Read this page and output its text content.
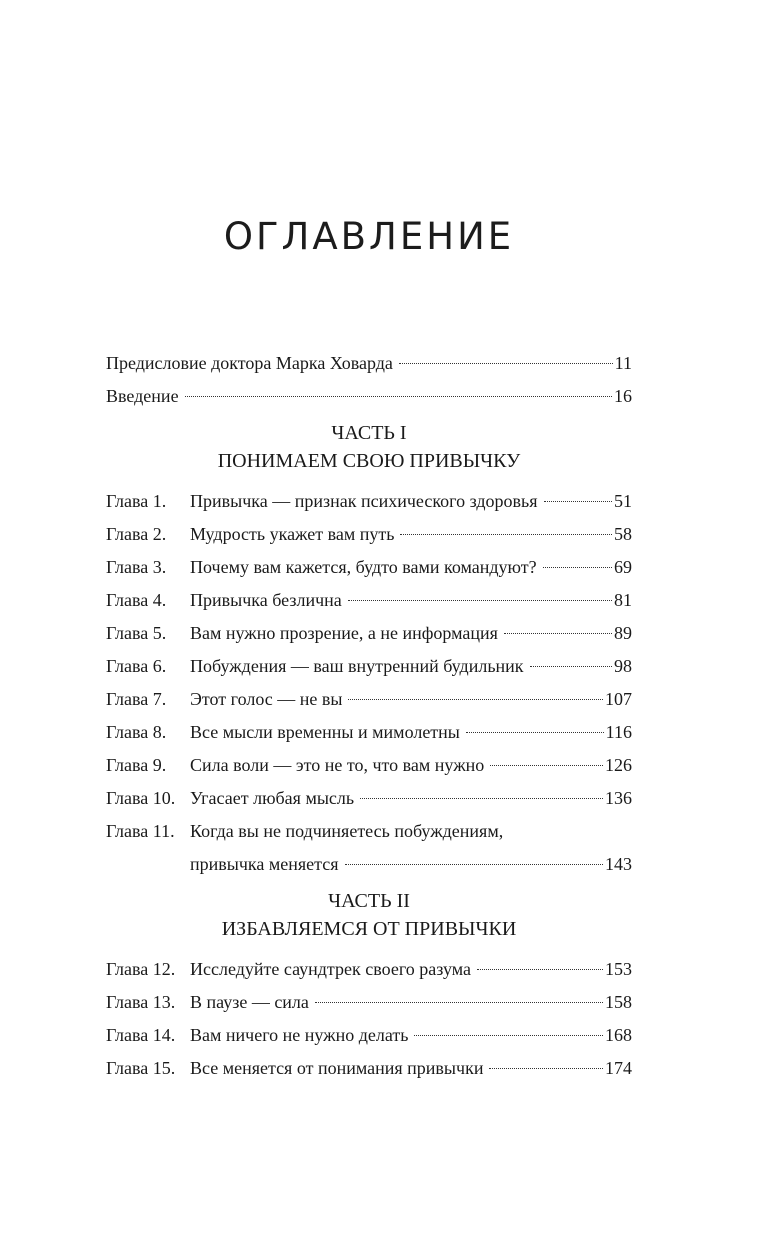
ОГЛАВЛЕНИЕ
Предисловие доктора Марка Ховарда	11
Введение	16
ЧАСТЬ I
ПОНИМАЕМ СВОЮ ПРИВЫЧКУ
Глава 1.	Привычка — признак психического здоровья	51
Глава 2.	Мудрость укажет вам путь	58
Глава 3.	Почему вам кажется, будто вами командуют?	69
Глава 4.	Привычка безлична	81
Глава 5.	Вам нужно прозрение, а не информация	89
Глава 6.	Побуждения — ваш внутренний будильник	98
Глава 7.	Этот голос — не вы	107
Глава 8.	Все мысли временны и мимолетны	116
Глава 9.	Сила воли — это не то, что вам нужно	126
Глава 10. Угасает любая мысль	136
Глава 11. Когда вы не подчиняетесь побуждениям,
привычка меняется	143
ЧАСТЬ II
ИЗБАВЛЯЕМСЯ ОТ ПРИВЫЧКИ
Глава 12. Исследуйте саундтрек своего разума	153
Глава 13. В паузе — сила	158
Глава 14. Вам ничего не нужно делать	168
Глава 15. Все меняется от понимания привычки	174
